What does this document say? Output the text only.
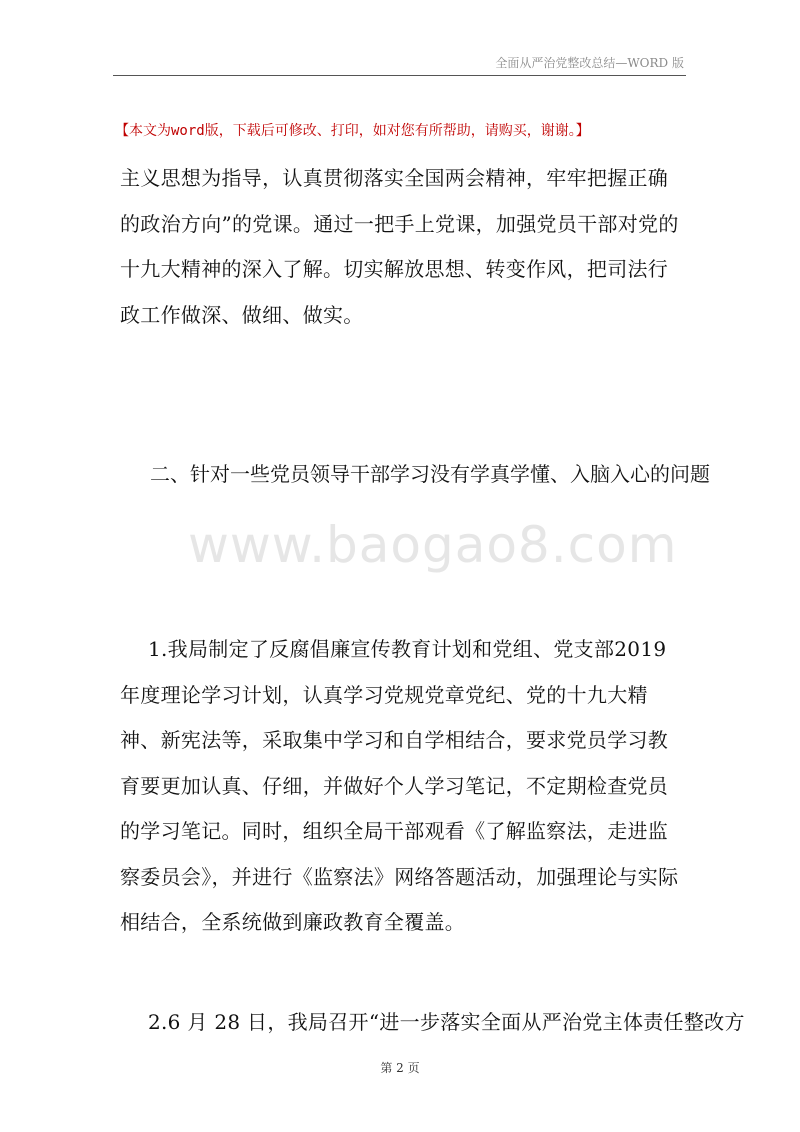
全面从严治党整改总结—WORD 版
【本文为word版，下载后可修改、打印，如对您有所帮助，请购买，谢谢。】

主义思想为指导，认真贯彻落实全国两会精神，牢牢把握正确的政治方向”的党课。通过一把手上党课，加强党员干部对党的十九大精神的深入了解。切实解放思想、转变作风，把司法行政工作做深、做细、做实。

二、针对一些党员领导干部学习没有学真学懂、入脑入心的问题
www.baogao8.com

1.我局制定了反腐倡廉宣传教育计划和党组、党支部2019年度理论学习计划，认真学习党规党章党纪、党的十九大精神、新宪法等，采取集中学习和自学相结合，要求党员学习教育要更加认真、仔细，并做好个人学习笔记，不定期检查党员的学习笔记。同时，组织全局干部观看《了解监察法，走进监察委员会》，并进行《监察法》网络答题活动，加强理论与实际相结合，全系统做到廉政教育全覆盖。

2.6 月 28 日，我局召开“进一步落实全面从严治党主体责任整改方

第 2 页
